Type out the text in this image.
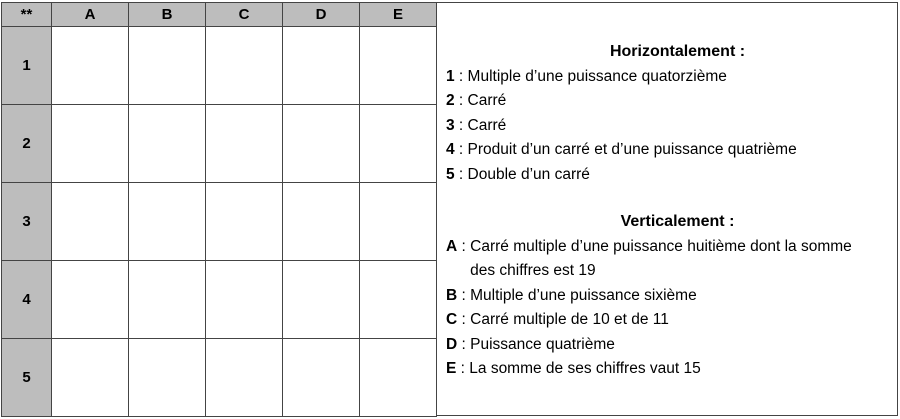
**	A	B	C	D	E
1					
2					
3					
4					
5					
Horizontalement :
1 : Multiple d’une puissance quatorzième
2 : Carré
3 : Carré
4 : Produit d’un carré et d’une puissance quatrième
5 : Double d’un carré
Verticalement :
A : Carré multiple d’une puissance huitième dont la somme des chiffres est 19
B : Multiple d’une puissance sixième
C : Carré multiple de 10 et de 11
D : Puissance quatrième
E : La somme de ses chiffres vaut 15
